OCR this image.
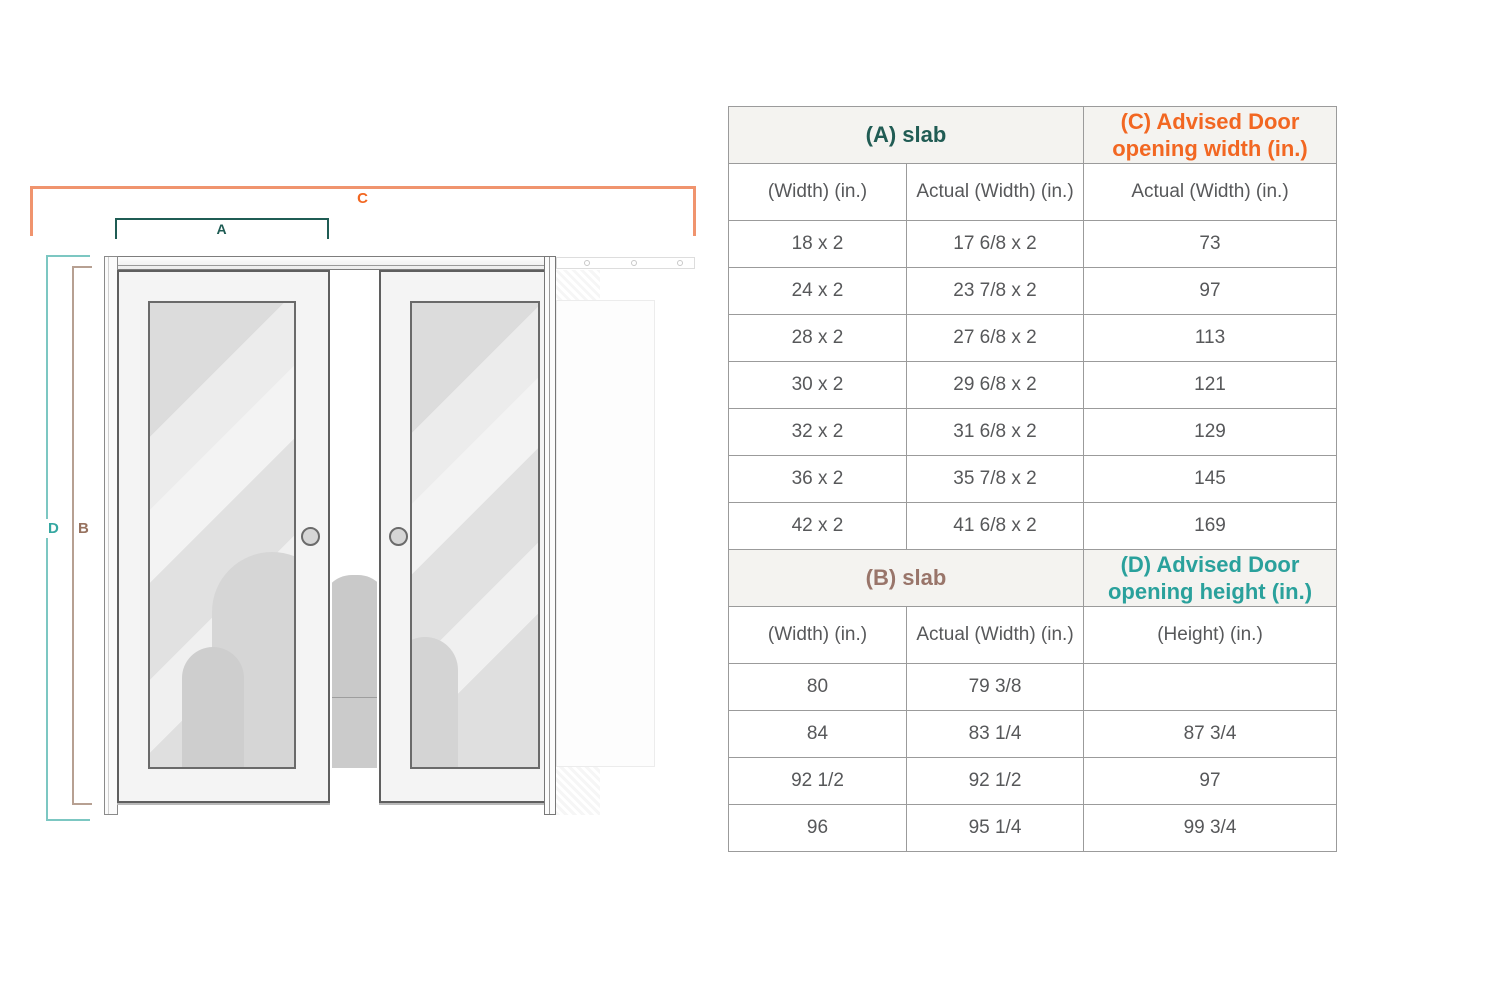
C
A
D B
(A) slab		(C) Advised Door opening width (in.)
(Width) (in.)	Actual (Width) (in.)	Actual (Width) (in.)
18 x 2	17 6/8 x 2	73
24 x 2	23 7/8 x 2	97
28 x 2	27 6/8 x 2	113
30 x 2	29 6/8 x 2	121
32 x 2	31 6/8 x 2	129
36 x 2	35 7/8 x 2	145
42 x 2	41 6/8 x 2	169
(B) slab		(D) Advised Door opening height (in.)
(Width) (in.)	Actual (Width) (in.)	(Height) (in.)
80	79 3/8	
84	83 1/4	87 3/4
92 1/2	92 1/2	97
96	95 1/4	99 3/4
